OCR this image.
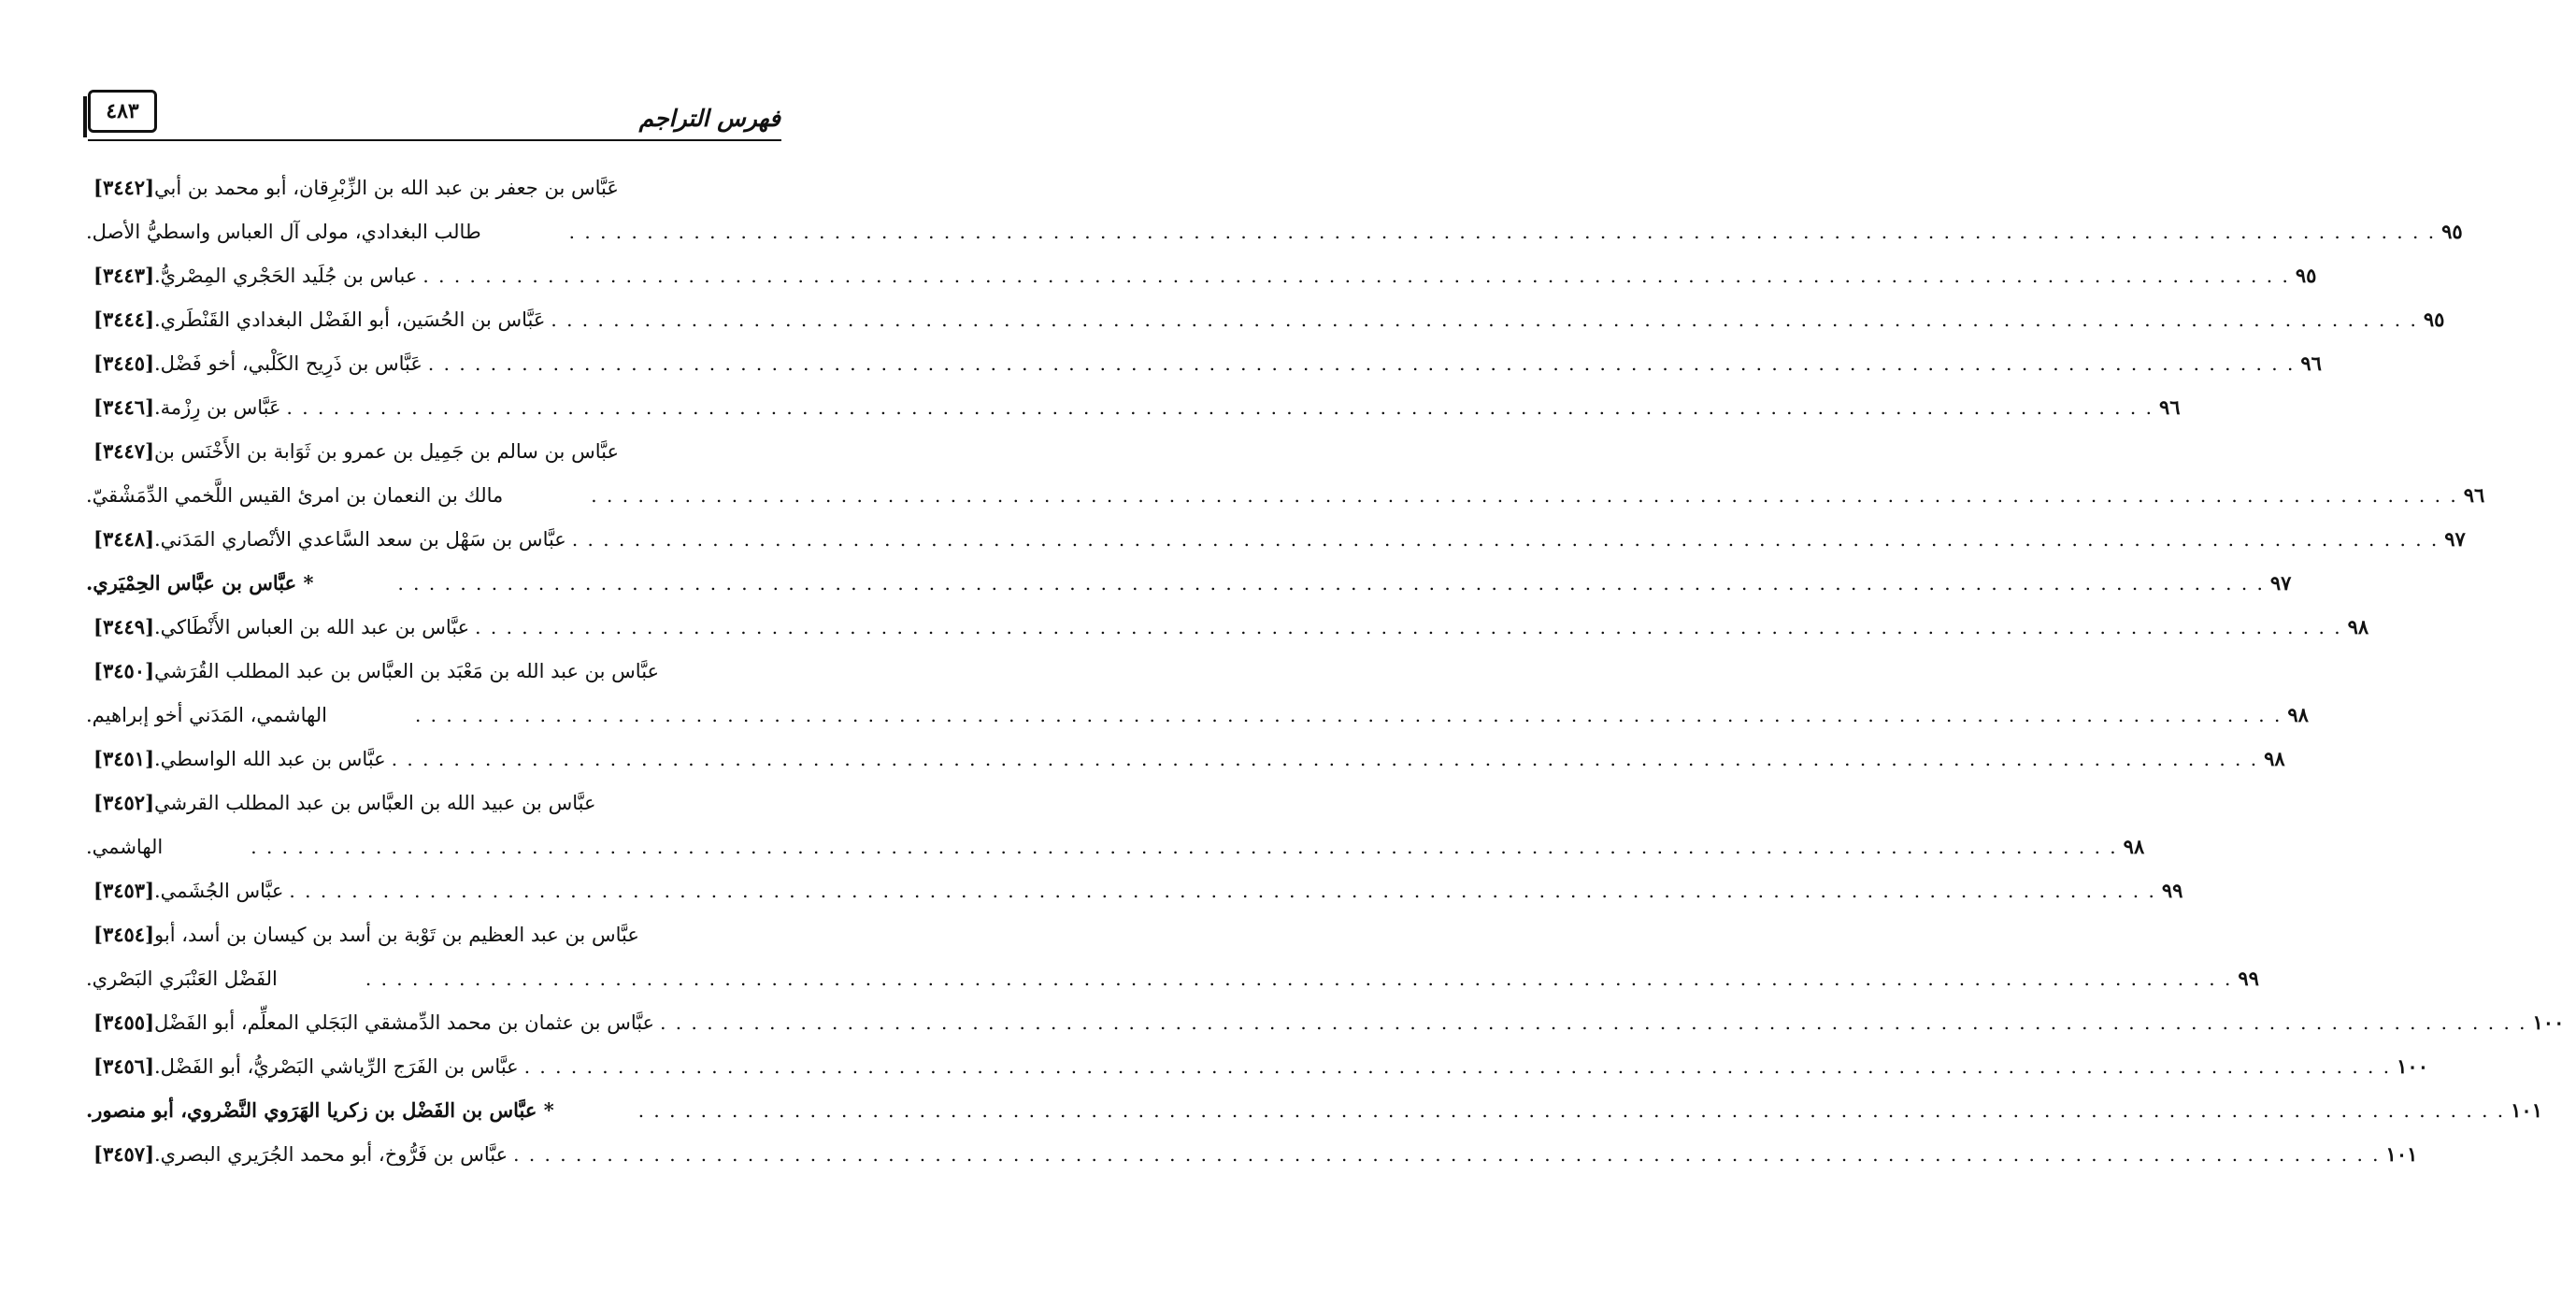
فهرس التراجم
٤٨٣
[٣٤٤٢] عَبَّاس بن جعفر بن عبد الله بن الزِّبْرِقان، أبو محمد بن أبي
طالب البغدادي، مولى آل العباس واسطيُّ الأصل.	. . . . . . . . . . . . . . . . . . . . . . . . . . . . . . . . . . . . . . . . . . . . . . . . . . . . . . . . . . . . . . . . . . . . . . . . . . . . . . . . . . . . . . . . . . . . . . . . . . . . . . . . . . . . . . . . . . . . . . . . ٩٥
[٣٤٤٣] عباس بن جُلَيد الحَجْري المِصْريُّ. . . . . . . . . . . . . . . . . . . . . . . . . . . . . . . . . . . . . . . . . . . . . . . . . . . . . . . . . . . . . . . . . . . . . . . . . . . . . . . . . . . . . . . . . . . . . . . . . . . . . . . . . . . . . . . . . . . . . . . . . ٩٥
[٣٤٤٤] عَبَّاس بن الحُسَين، أبو الفَضْل البغدادي القَنْطَري. . . . . . . . . . . . . . . . . . . . . . . . . . . . . . . . . . . . . . . . . . . . . . . . . . . . . . . . . . . . . . . . . . . . . . . . . . . . . . . . . . . . . . . . . . . . . . . . . . . . . . . . . . . . . . . . . . . . . . . . . ٩٥
[٣٤٤٥] عَبَّاس بن ذَرِيح الكَلْبي، أخو فَضْل. . . . . . . . . . . . . . . . . . . . . . . . . . . . . . . . . . . . . . . . . . . . . . . . . . . . . . . . . . . . . . . . . . . . . . . . . . . . . . . . . . . . . . . . . . . . . . . . . . . . . . . . . . . . . . . . . . . . . . . . . ٩٦
[٣٤٤٦] عَبَّاس بن رِزْمة. . . . . . . . . . . . . . . . . . . . . . . . . . . . . . . . . . . . . . . . . . . . . . . . . . . . . . . . . . . . . . . . . . . . . . . . . . . . . . . . . . . . . . . . . . . . . . . . . . . . . . . . . . . . . . . . . . . . . . . . . ٩٦
[٣٤٤٧] عبَّاس بن سالم بن جَمِيل بن عمرو بن ثَوَابة بن الأَخْنَس بن
مالك بن النعمان بن امرئ القيس اللَّخمي الدِّمَشْقيّ.	. . . . . . . . . . . . . . . . . . . . . . . . . . . . . . . . . . . . . . . . . . . . . . . . . . . . . . . . . . . . . . . . . . . . . . . . . . . . . . . . . . . . . . . . . . . . . . . . . . . . . . . . . . . . . . . . . . . . . . . . ٩٦
[٣٤٤٨] عبَّاس بن سَهْل بن سعد السَّاعدي الأنْصاري المَدَني. . . . . . . . . . . . . . . . . . . . . . . . . . . . . . . . . . . . . . . . . . . . . . . . . . . . . . . . . . . . . . . . . . . . . . . . . . . . . . . . . . . . . . . . . . . . . . . . . . . . . . . . . . . . . . . . . . . . . . . . . ٩٧
* عبَّاس بن عبَّاس الحِمْيَري.	. . . . . . . . . . . . . . . . . . . . . . . . . . . . . . . . . . . . . . . . . . . . . . . . . . . . . . . . . . . . . . . . . . . . . . . . . . . . . . . . . . . . . . . . . . . . . . . . . . . . . . . . . . . . . . . . . . . . . . . . ٩٧
[٣٤٤٩] عبَّاس بن عبد الله بن العباس الأَنْطَاكي. . . . . . . . . . . . . . . . . . . . . . . . . . . . . . . . . . . . . . . . . . . . . . . . . . . . . . . . . . . . . . . . . . . . . . . . . . . . . . . . . . . . . . . . . . . . . . . . . . . . . . . . . . . . . . . . . . . . . . . . . ٩٨
[٣٤٥٠] عبَّاس بن عبد الله بن مَعْبَد بن العبَّاس بن عبد المطلب القُرَشي
الهاشمي، المَدَني أخو إبراهيم.	. . . . . . . . . . . . . . . . . . . . . . . . . . . . . . . . . . . . . . . . . . . . . . . . . . . . . . . . . . . . . . . . . . . . . . . . . . . . . . . . . . . . . . . . . . . . . . . . . . . . . . . . . . . . . . . . . . . . . . . . ٩٨
[٣٤٥١] عبَّاس بن عبد الله الواسطي. . . . . . . . . . . . . . . . . . . . . . . . . . . . . . . . . . . . . . . . . . . . . . . . . . . . . . . . . . . . . . . . . . . . . . . . . . . . . . . . . . . . . . . . . . . . . . . . . . . . . . . . . . . . . . . . . . . . . . . . . ٩٨
[٣٤٥٢] عبَّاس بن عبيد الله بن العبَّاس بن عبد المطلب القرشي
الهاشمي.	. . . . . . . . . . . . . . . . . . . . . . . . . . . . . . . . . . . . . . . . . . . . . . . . . . . . . . . . . . . . . . . . . . . . . . . . . . . . . . . . . . . . . . . . . . . . . . . . . . . . . . . . . . . . . . . . . . . . . . . . ٩٨
[٣٤٥٣] عبَّاس الجُشَمي. . . . . . . . . . . . . . . . . . . . . . . . . . . . . . . . . . . . . . . . . . . . . . . . . . . . . . . . . . . . . . . . . . . . . . . . . . . . . . . . . . . . . . . . . . . . . . . . . . . . . . . . . . . . . . . . . . . . . . . . . ٩٩
[٣٤٥٤] عبَّاس بن عبد العظيم بن تَوْبة بن أسد بن كيسان بن أسد، أبو
الفَضْل العَنْبَري البَصْري.	. . . . . . . . . . . . . . . . . . . . . . . . . . . . . . . . . . . . . . . . . . . . . . . . . . . . . . . . . . . . . . . . . . . . . . . . . . . . . . . . . . . . . . . . . . . . . . . . . . . . . . . . . . . . . . . . . . . . . . . . ٩٩
[٣٤٥٥] عبَّاس بن عثمان بن محمد الدِّمشقي البَجَلي المعلِّم، أبو الفَضْل . . . . . . . . . . . . . . . . . . . . . . . . . . . . . . . . . . . . . . . . . . . . . . . . . . . . . . . . . . . . . . . . . . . . . . . . . . . . . . . . . . . . . . . . . . . . . . . . . . . . . . . . . . . . . . . . . . . . . . . . ١٠٠
[٣٤٥٦] عبَّاس بن الفَرَج الرِّياشي البَصْريُّ، أبو الفَضْل. . . . . . . . . . . . . . . . . . . . . . . . . . . . . . . . . . . . . . . . . . . . . . . . . . . . . . . . . . . . . . . . . . . . . . . . . . . . . . . . . . . . . . . . . . . . . . . . . . . . . . . . . . . . . . . . . . . . . . . . . ١٠٠
* عبَّاس بن الفَضْل بن زكريا الهَرَوي النَّضْروي، أبو منصور.	. . . . . . . . . . . . . . . . . . . . . . . . . . . . . . . . . . . . . . . . . . . . . . . . . . . . . . . . . . . . . . . . . . . . . . . . . . . . . . . . . . . . . . . . . . . . . . . . . . . . . . . . . . . . . . . . . . . . . . . . ١٠١
[٣٤٥٧] عبَّاس بن فَرُّوخ، أبو محمد الجُرَيري البصري. . . . . . . . . . . . . . . . . . . . . . . . . . . . . . . . . . . . . . . . . . . . . . . . . . . . . . . . . . . . . . . . . . . . . . . . . . . . . . . . . . . . . . . . . . . . . . . . . . . . . . . . . . . . . . . . . . . . . . . . . ١٠١
